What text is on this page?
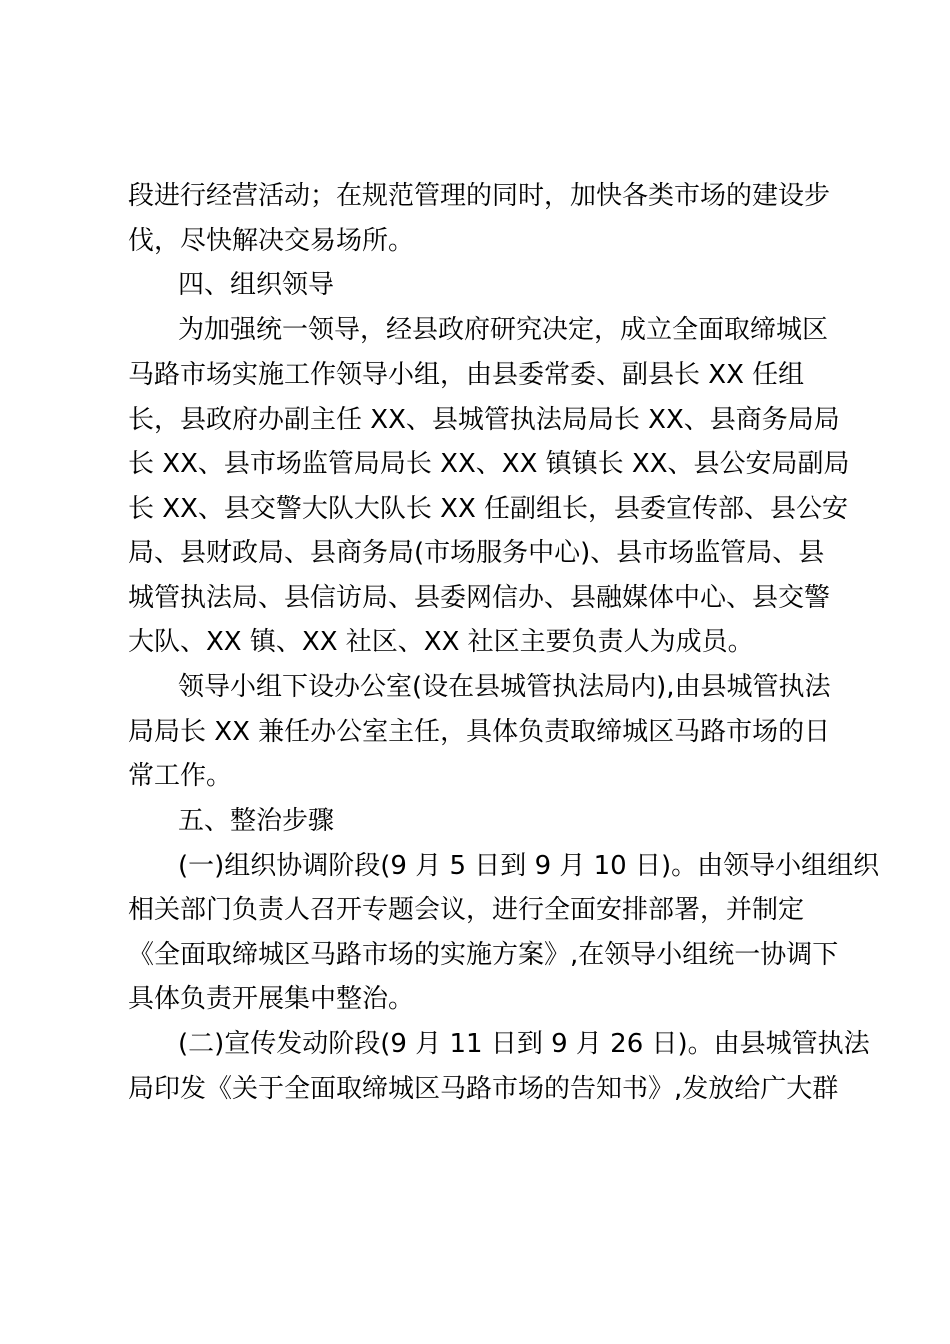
段进行经营活动；在规范管理的同时，加快各类市场的建设步
伐，尽快解决交易场所。
四、组织领导
为加强统一领导，经县政府研究决定，成立全面取缔城区
马路市场实施工作领导小组，由县委常委、副县长 XX 任组
长，县政府办副主任 XX、县城管执法局局长 XX、县商务局局
长 XX、县市场监管局局长 XX、XX 镇镇长 XX、县公安局副局
长 XX、县交警大队大队长 XX 任副组长，县委宣传部、县公安
局、县财政局、县商务局(市场服务中心)、县市场监管局、县
城管执法局、县信访局、县委网信办、县融媒体中心、县交警
大队、XX 镇、XX 社区、XX 社区主要负责人为成员。
领导小组下设办公室(设在县城管执法局内),由县城管执法
局局长 XX 兼任办公室主任，具体负责取缔城区马路市场的日
常工作。
五、整治步骤
(一)组织协调阶段(9 月 5 日到 9 月 10 日)。由领导小组组织
相关部门负责人召开专题会议，进行全面安排部署，并制定
《全面取缔城区马路市场的实施方案》,在领导小组统一协调下
具体负责开展集中整治。
(二)宣传发动阶段(9 月 11 日到 9 月 26 日)。由县城管执法
局印发《关于全面取缔城区马路市场的告知书》,发放给广大群
